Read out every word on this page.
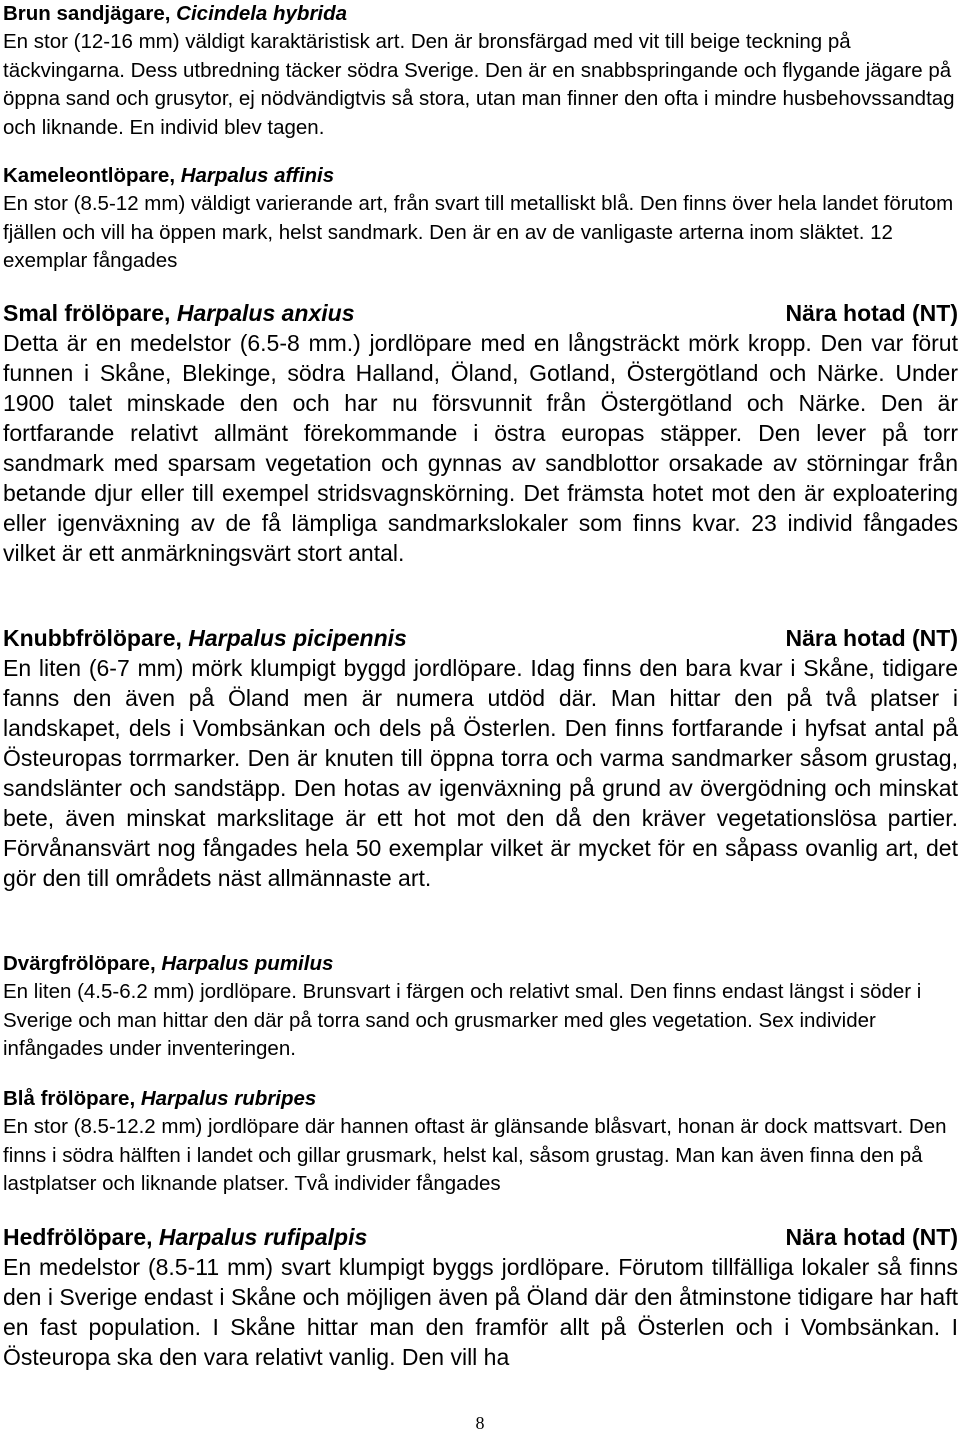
Brun sandjägare, Cicindela hybrida

En stor (12-16 mm) väldigt karaktäristisk art. Den är bronsfärgad med vit till beige teckning på täckvingarna. Dess utbredning täcker södra Sverige. Den är en snabbspringande och flygande jägare på öppna sand och grusytor, ej nödvändigtvis så stora, utan man finner den ofta i mindre husbehovssandtag och liknande. En individ blev tagen.

Kameleontlöpare, Harpalus affinis

En stor (8.5-12 mm) väldigt varierande art, från svart till metalliskt blå. Den finns över hela landet förutom fjällen och vill ha öppen mark, helst sandmark. Den är en av de vanligaste arterna inom släktet. 12 exemplar fångades

Smal frölöpare, Harpalus anxius	Nära hotad (NT)

Detta är en medelstor (6.5-8 mm.) jordlöpare med en långsträckt mörk kropp. Den var förut funnen i Skåne, Blekinge, södra Halland, Öland, Gotland, Östergötland och Närke. Under 1900 talet minskade den och har nu försvunnit från Östergötland och Närke. Den är fortfarande relativt allmänt förekommande i östra europas stäpper. Den lever på torr sandmark med sparsam vegetation och gynnas av sandblottor orsakade av störningar från betande djur eller till exempel stridsvagnskörning. Det främsta hotet mot den är exploatering eller igenväxning av de få lämpliga sandmarkslokaler som finns kvar. 23 individ fångades vilket är ett anmärkningsvärt stort antal.

Knubbfrölöpare, Harpalus picipennis	Nära hotad (NT)

En liten (6-7 mm) mörk klumpigt byggd jordlöpare. Idag finns den bara kvar i Skåne, tidigare fanns den även på Öland men är numera utdöd där. Man hittar den på två platser i landskapet, dels i Vombsänkan och dels på Österlen. Den finns fortfarande i hyfsat antal på Östeuropas torrmarker. Den är knuten till öppna torra och varma sandmarker såsom grustag, sandslänter och sandstäpp. Den hotas av igenväxning på grund av övergödning och minskat bete, även minskat markslitage är ett hot mot den då den kräver vegetationslösa partier. Förvånansvärt nog fångades hela 50 exemplar vilket är mycket för en såpass ovanlig art, det gör den till områdets näst allmännaste art.

Dvärgfrölöpare, Harpalus pumilus

En liten (4.5-6.2 mm) jordlöpare. Brunsvart i färgen och relativt smal. Den finns endast längst i söder i Sverige och man hittar den där på torra sand och grusmarker med gles vegetation. Sex individer infångades under inventeringen.

Blå frölöpare, Harpalus rubripes

En stor (8.5-12.2 mm) jordlöpare där hannen oftast är glänsande blåsvart, honan är dock mattsvart. Den finns i södra hälften i landet och gillar grusmark, helst kal, såsom grustag. Man kan även finna den på lastplatser och liknande platser. Två individer fångades

Hedfrölöpare, Harpalus rufipalpis	Nära hotad (NT)

En medelstor (8.5-11 mm) svart klumpigt byggs jordlöpare. Förutom tillfälliga lokaler så finns den i Sverige endast i Skåne och möjligen även på Öland där den åtminstone tidigare har haft en fast population. I Skåne hittar man den framför allt på Österlen och i Vombsänkan. I Östeuropa ska den vara relativt vanlig. Den vill ha

8
